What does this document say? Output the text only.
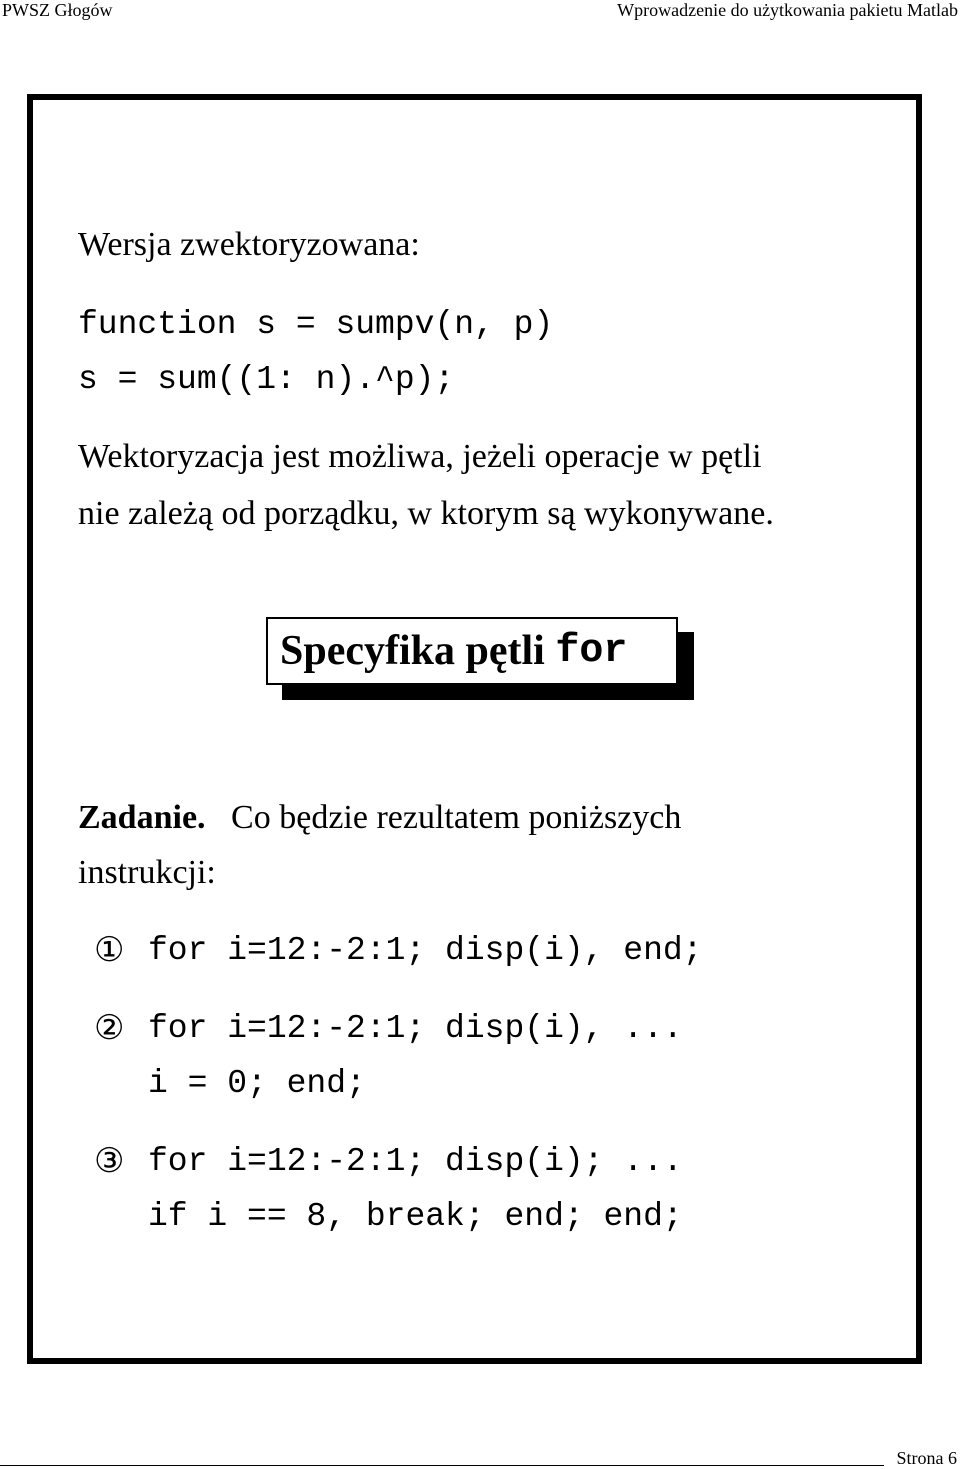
PWSZ Głogów	Wprowadzenie do użytkowania pakietu Matlab
Wersja zwektoryzowana:
function s = sumpv(n, p)
s = sum((1: n).^p);
Wektoryzacja jest możliwa, jeżeli operacje w pętli
nie zależą od porządku, w ktorym są wykonywane.
Specyfika pętli for
Zadanie. Co będzie rezultatem poniższych
instrukcji:
① for i=12:-2:1; disp(i), end;
② for i=12:-2:1; disp(i), ...
i = 0; end;
③ for i=12:-2:1; disp(i); ...
if i == 8, break; end; end;
Strona 6
